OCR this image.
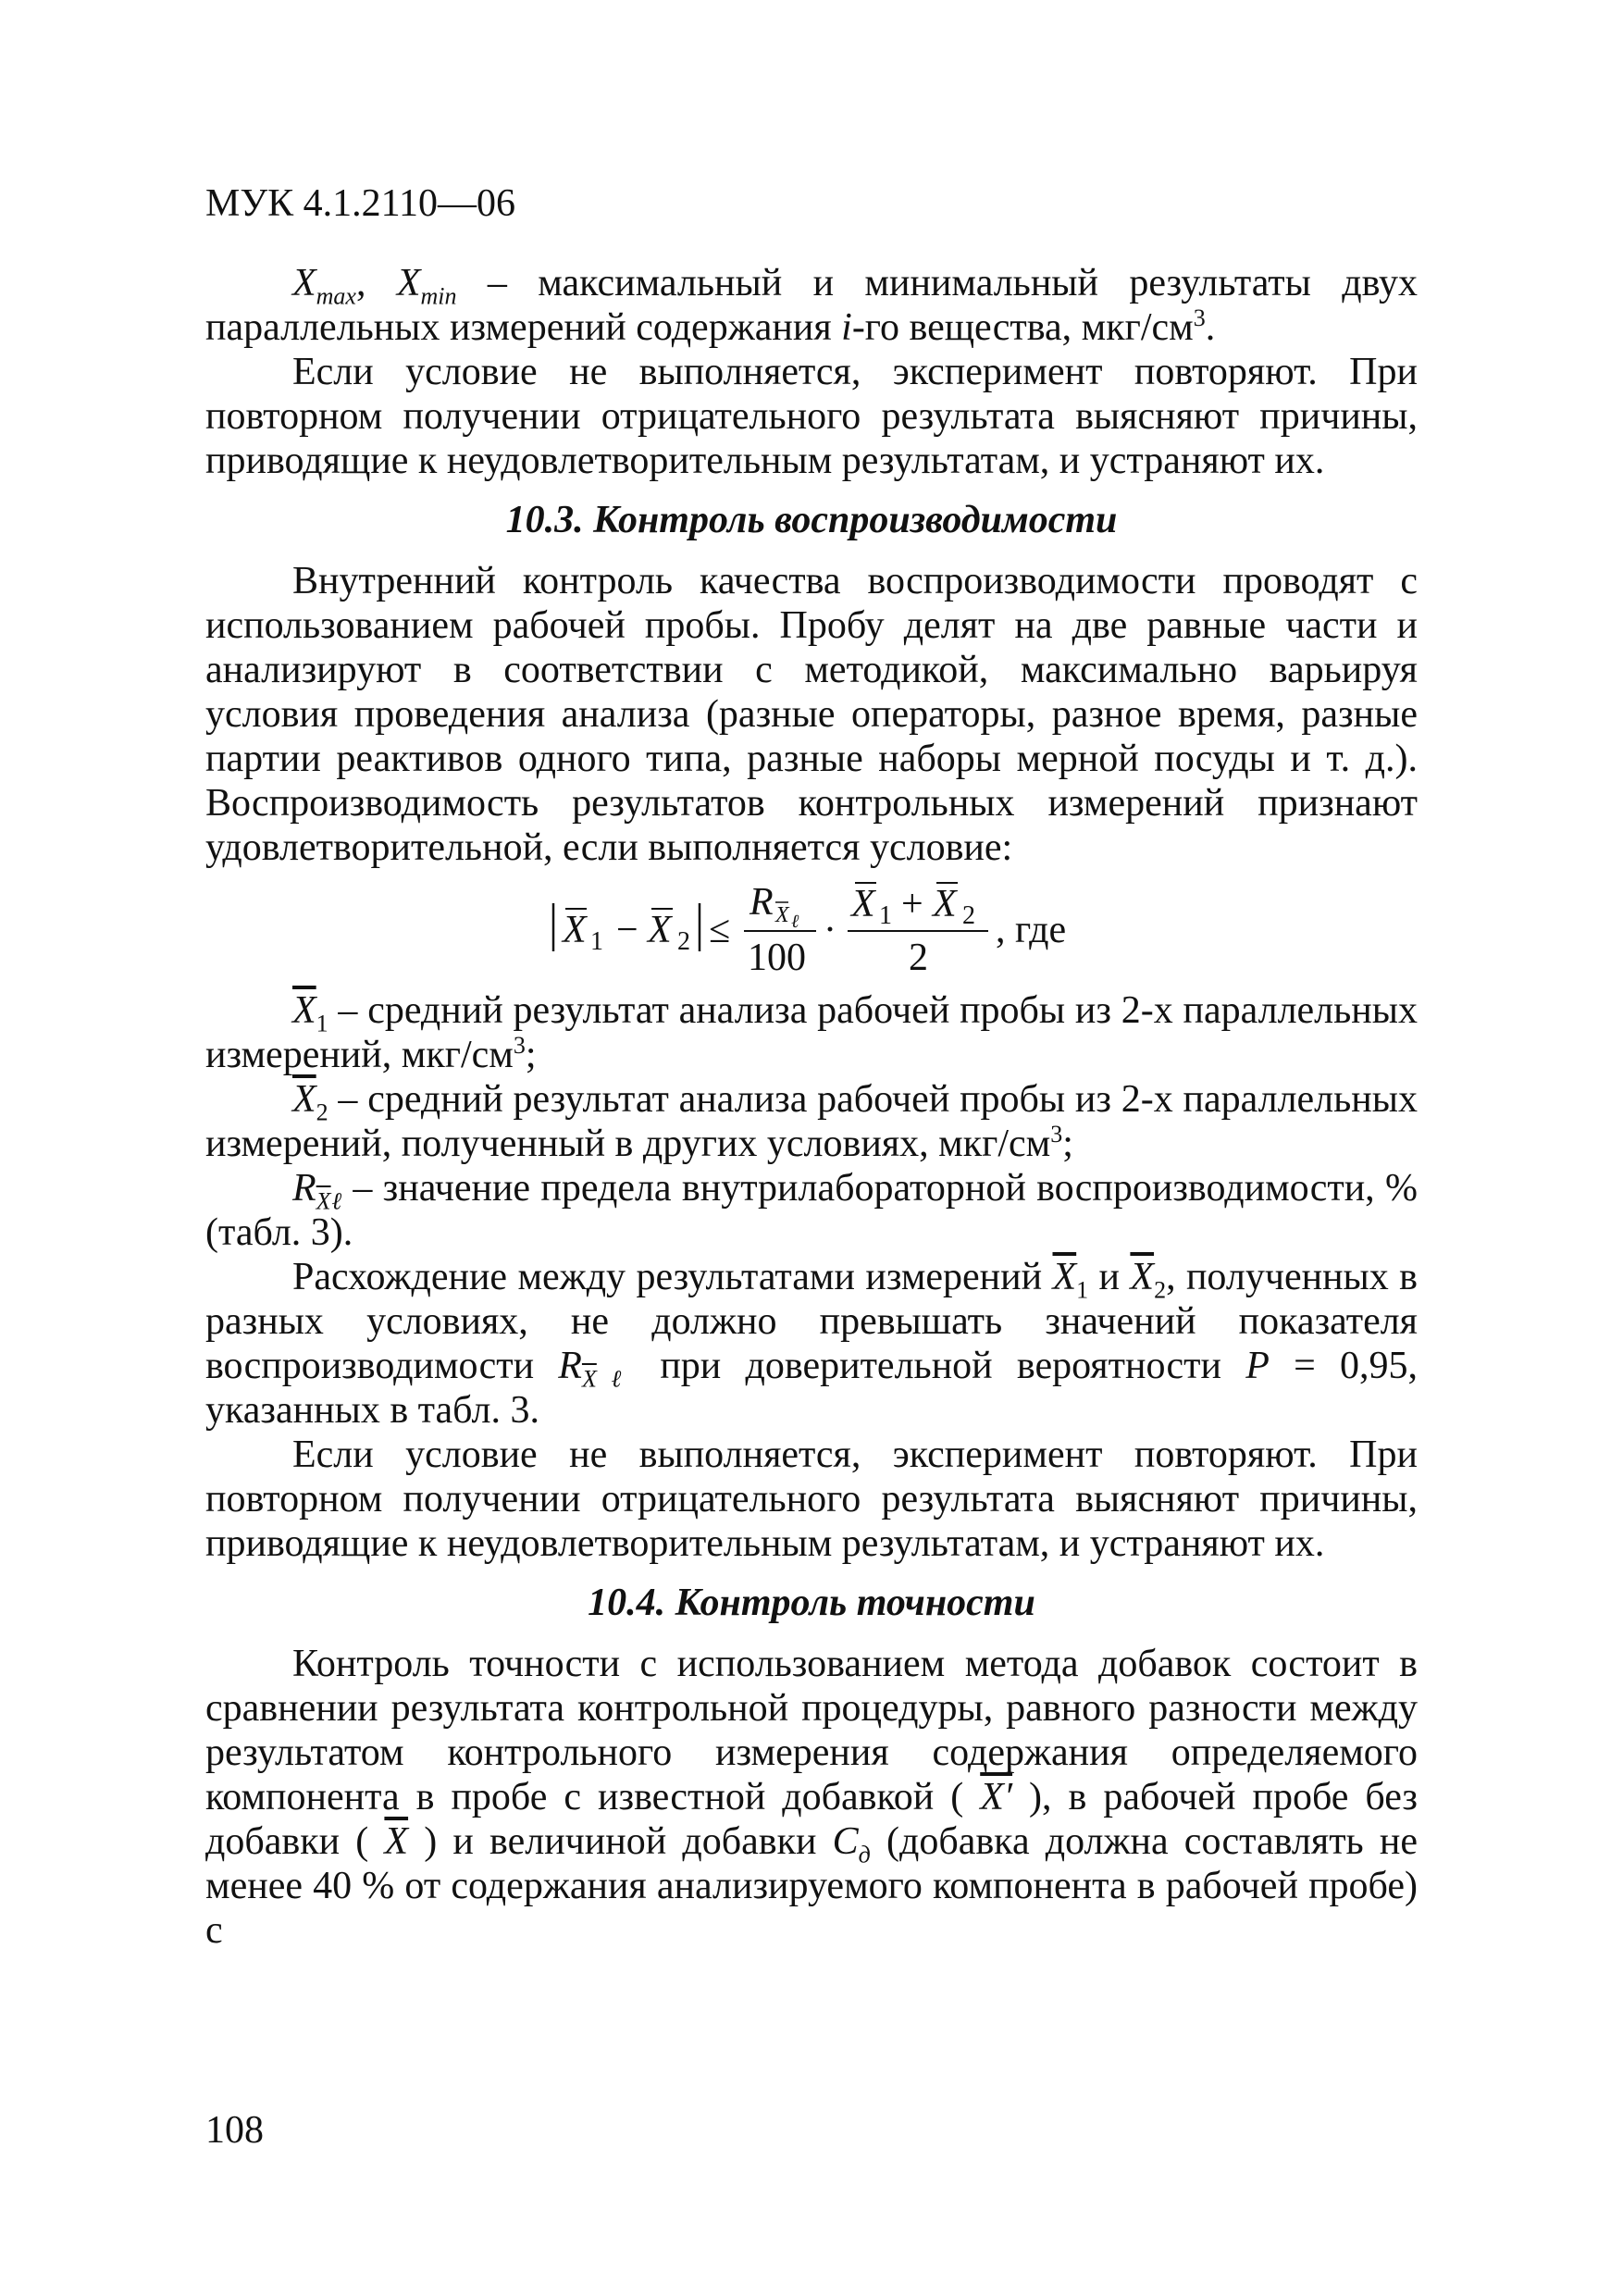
МУК 4.1.2110—06

$X_{max}$, $X_{min}$ – максимальный и минимальный результаты двух параллельных измерений содержания i-го вещества, мкг/$см^3$.

Если условие не выполняется, эксперимент повторяют. При повторном получении отрицательного результата выясняют причины, приводящие к неудовлетворительным результатам, и устраняют их.

10.3. Контроль воспроизводимости

Внутренний контроль качества воспроизводимости проводят с использованием рабочей пробы. Пробу делят на две равные части и анализируют в соответствии с методикой, максимально варьируя условия проведения анализа (разные операторы, разное время, разные партии реактивов одного типа, разные наборы мерной посуды и т. д.). Воспроизводимость результатов контрольных измерений признают удовлетворительной, если выполняется условие:

X 1 − X 2 ≤
R X ℓ
100
·
X 1 + X 2
2
, где

$\overline{X}_1$ – средний результат анализа рабочей пробы из 2-х параллельных измерений, мкг/$см^3$;

$\overline{X}_2$ – средний результат анализа рабочей пробы из 2-х параллельных измерений, полученный в других условиях, мкг/$см^3$;

$R_{\overline{X}\ell}$ – значение предела внутрилабораторной воспроизводимости, % (табл. 3).

Расхождение между результатами измерений $\overline{X}_1$ и $\overline{X}_2$, полученных в разных условиях, не должно превышать значений показателя воспроизводимости $R_{\overline{X}\ell}$ при доверительной вероятности P = 0,95, указанных в табл. 3.

Если условие не выполняется, эксперимент повторяют. При повторном получении отрицательного результата выясняют причины, приводящие к неудовлетворительным результатам, и устраняют их.

10.4. Контроль точности

Контроль точности с использованием метода добавок состоит в сравнении результата контрольной процедуры, равного разности между результатом контрольного измерения содержания определяемого компонента в пробе с известной добавкой ( X′ ), в рабочей пробе без добавки ( $\overline{X}$ ) и величиной добавки $C_д$ (добавка должна составлять не менее 40 % от содержания анализируемого компонента в рабочей пробе) с

108
